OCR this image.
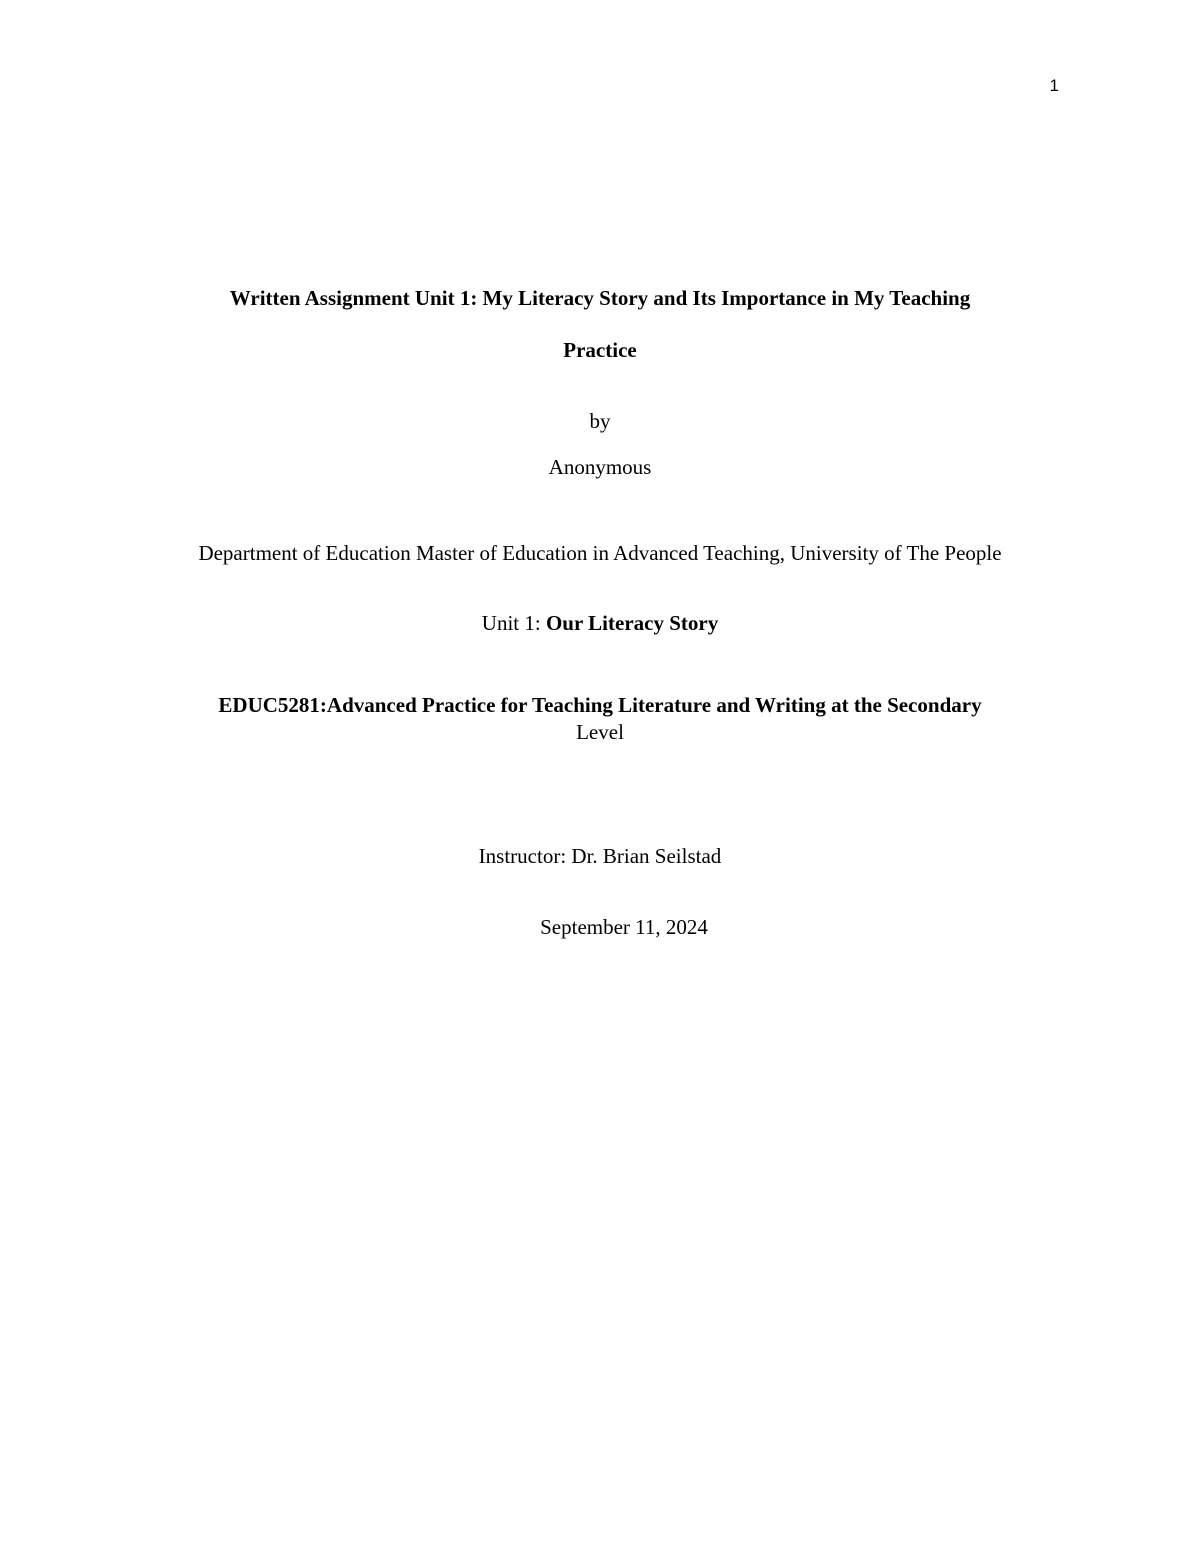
1
Written Assignment Unit 1: My Literacy Story and Its Importance in My Teaching
Practice
by
Anonymous
Department of Education Master of Education in Advanced Teaching, University of The People
Unit 1: Our Literacy Story
EDUC5281:Advanced Practice for Teaching Literature and Writing at the Secondary
Level
Instructor: Dr. Brian Seilstad
September 11, 2024
